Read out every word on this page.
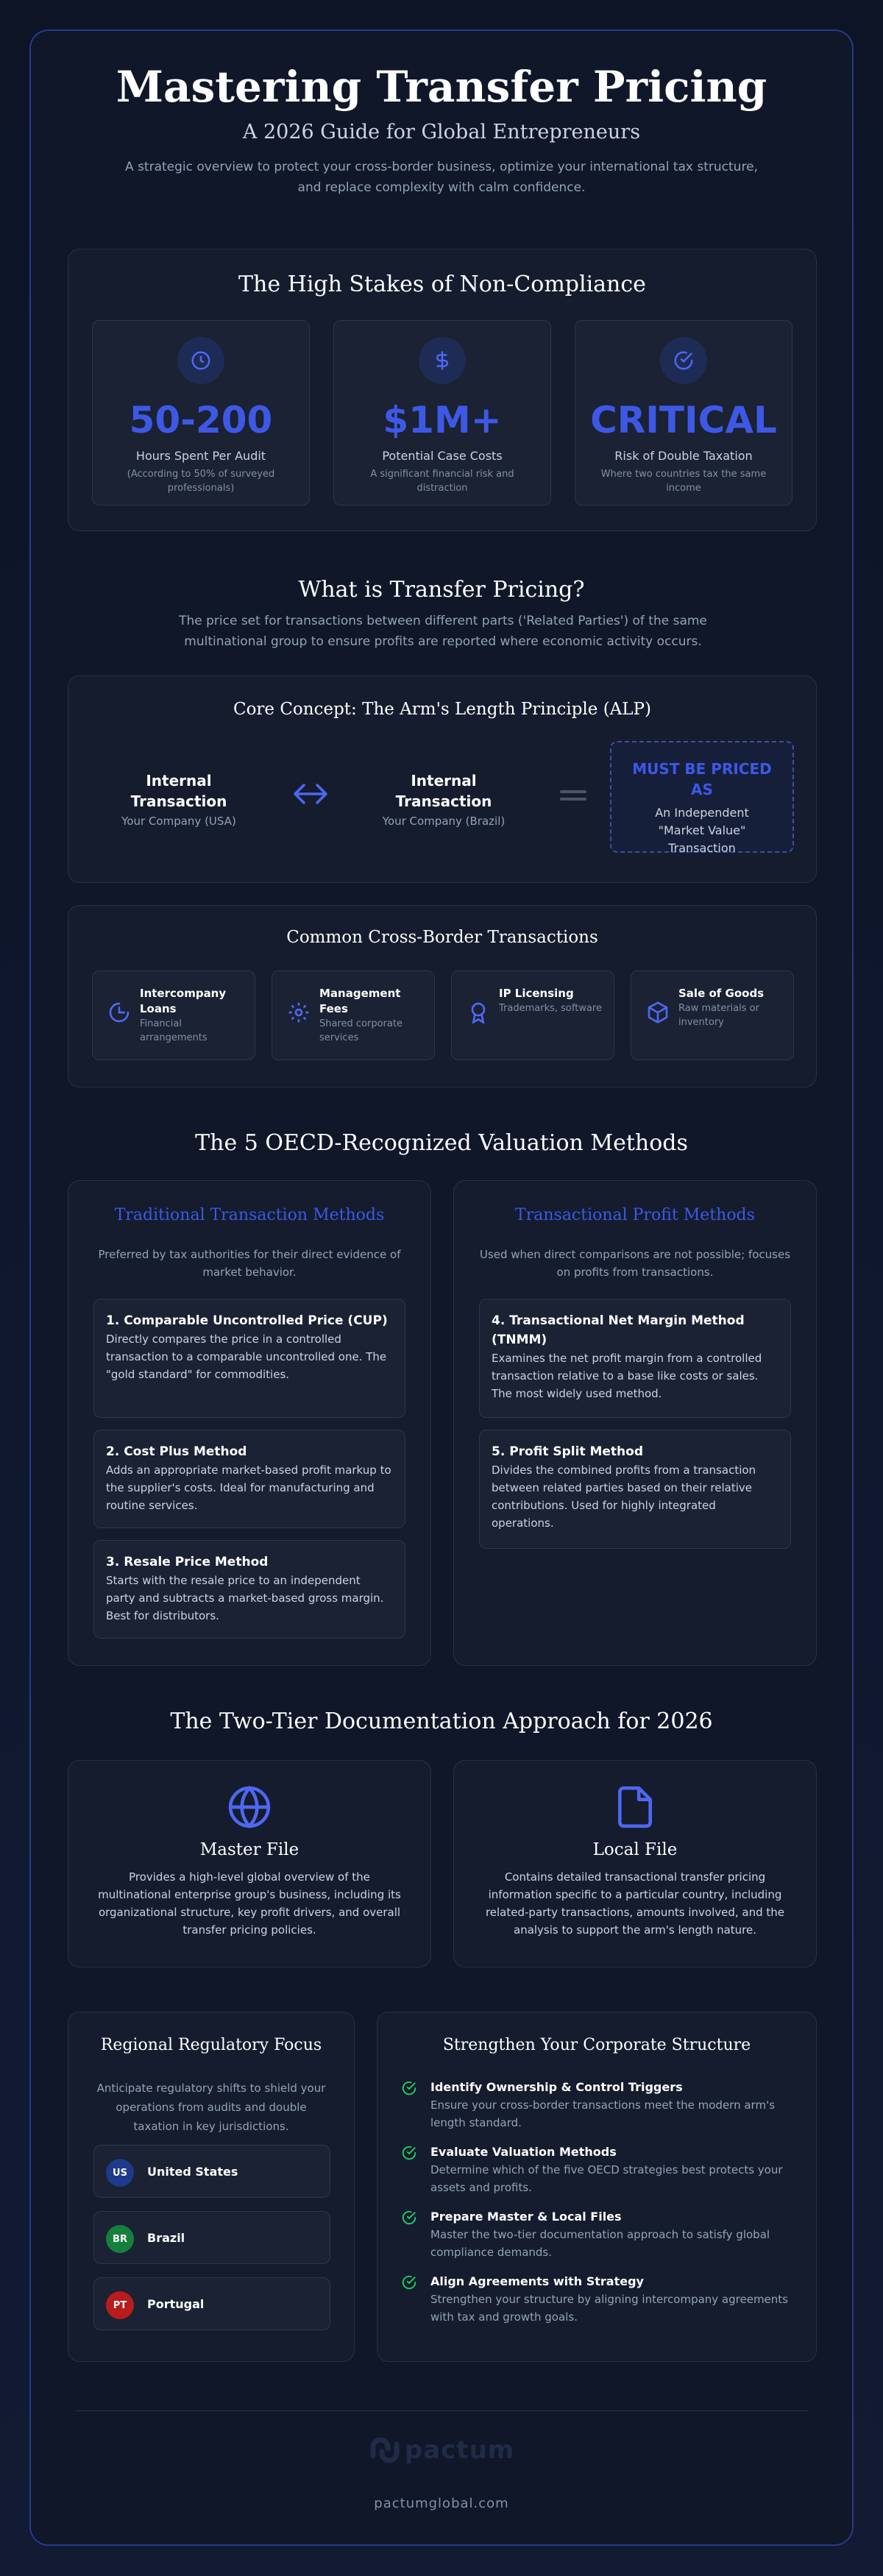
Mastering Transfer Pricing
A 2026 Guide for Global Entrepreneurs
A strategic overview to protect your cross-border business, optimize your international tax structure, and replace complexity with calm confidence.
The High Stakes of Non-Compliance
50-200
Hours Spent Per Audit
(According to 50% of surveyed professionals)
$1M+
Potential Case Costs
A significant financial risk and distraction
CRITICAL
Risk of Double Taxation
Where two countries tax the same income
What is Transfer Pricing?
The price set for transactions between different parts ('Related Parties') of the same multinational group to ensure profits are reported where economic activity occurs.
Core Concept: The Arm's Length Principle (ALP)
Internal Transaction
Your Company (USA)
Internal Transaction
Your Company (Brazil)
MUST BE PRICED AS
An Independent "Market Value" Transaction
Common Cross-Border Transactions
Intercompany Loans
Financial arrangements
Management Fees
Shared corporate services
IP Licensing
Trademarks, software
Sale of Goods
Raw materials or inventory
The 5 OECD-Recognized Valuation Methods
Traditional Transaction Methods
Preferred by tax authorities for their direct evidence of market behavior.
1. Comparable Uncontrolled Price (CUP)
Directly compares the price in a controlled transaction to a comparable uncontrolled one. The "gold standard" for commodities.
2. Cost Plus Method
Adds an appropriate market-based profit markup to the supplier's costs. Ideal for manufacturing and routine services.
3. Resale Price Method
Starts with the resale price to an independent party and subtracts a market-based gross margin. Best for distributors.
Transactional Profit Methods
Used when direct comparisons are not possible; focuses on profits from transactions.
4. Transactional Net Margin Method (TNMM)
Examines the net profit margin from a controlled transaction relative to a base like costs or sales. The most widely used method.
5. Profit Split Method
Divides the combined profits from a transaction between related parties based on their relative contributions. Used for highly integrated operations.
The Two-Tier Documentation Approach for 2026
Master File
Provides a high-level global overview of the multinational enterprise group's business, including its organizational structure, key profit drivers, and overall transfer pricing policies.
Local File
Contains detailed transactional transfer pricing information specific to a particular country, including related-party transactions, amounts involved, and the analysis to support the arm's length nature.
Regional Regulatory Focus
Anticipate regulatory shifts to shield your operations from audits and double taxation in key jurisdictions.
US	United States
BR	Brazil
PT	Portugal
Strengthen Your Corporate Structure
Identify Ownership & Control Triggers
Ensure your cross-border transactions meet the modern arm's length standard.
Evaluate Valuation Methods
Determine which of the five OECD strategies best protects your assets and profits.
Prepare Master & Local Files
Master the two-tier documentation approach to satisfy global compliance demands.
Align Agreements with Strategy
Strengthen your structure by aligning intercompany agreements with tax and growth goals.
pactum
pactumglobal.com
